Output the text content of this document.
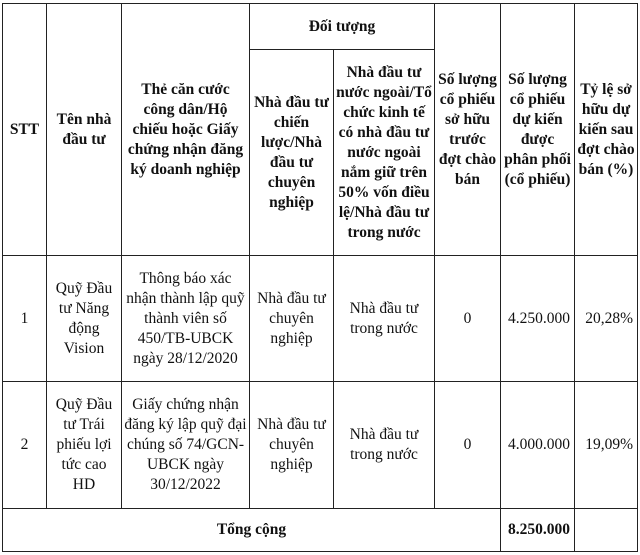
STT	Tên nhà đầu tư	Thẻ căn cước công dân/Hộ chiếu hoặc Giấy chứng nhận đăng ký doanh nghiệp	Đối tượng		Số lượng cổ phiếu sở hữu trước đợt chào bán	Số lượng cổ phiếu dự kiến được phân phối (cổ phiếu)	Tỷ lệ sở hữu dự kiến sau đợt chào bán (%)
			Nhà đầu tư chiến lược/Nhà đầu tư chuyên nghiệp	Nhà đầu tư nước ngoài/Tổ chức kinh tế có nhà đầu tư nước ngoài nắm giữ trên 50% vốn điều lệ/Nhà đầu tư trong nước			
1	Quỹ Đầu tư Năng động Vision	Thông báo xác nhận thành lập quỹ thành viên số 450/TB-UBCK ngày 28/12/2020	Nhà đầu tư chuyên nghiệp	Nhà đầu tư trong nước	0	4.250.000	20,28%
2	Quỹ Đầu tư Trái phiếu lợi tức cao HD	Giấy chứng nhận đăng ký lập quỹ đại chúng số 74/GCN-UBCK ngày 30/12/2022	Nhà đầu tư chuyên nghiệp	Nhà đầu tư trong nước	0	4.000.000	19,09%
Tổng cộng						8.250.000	
